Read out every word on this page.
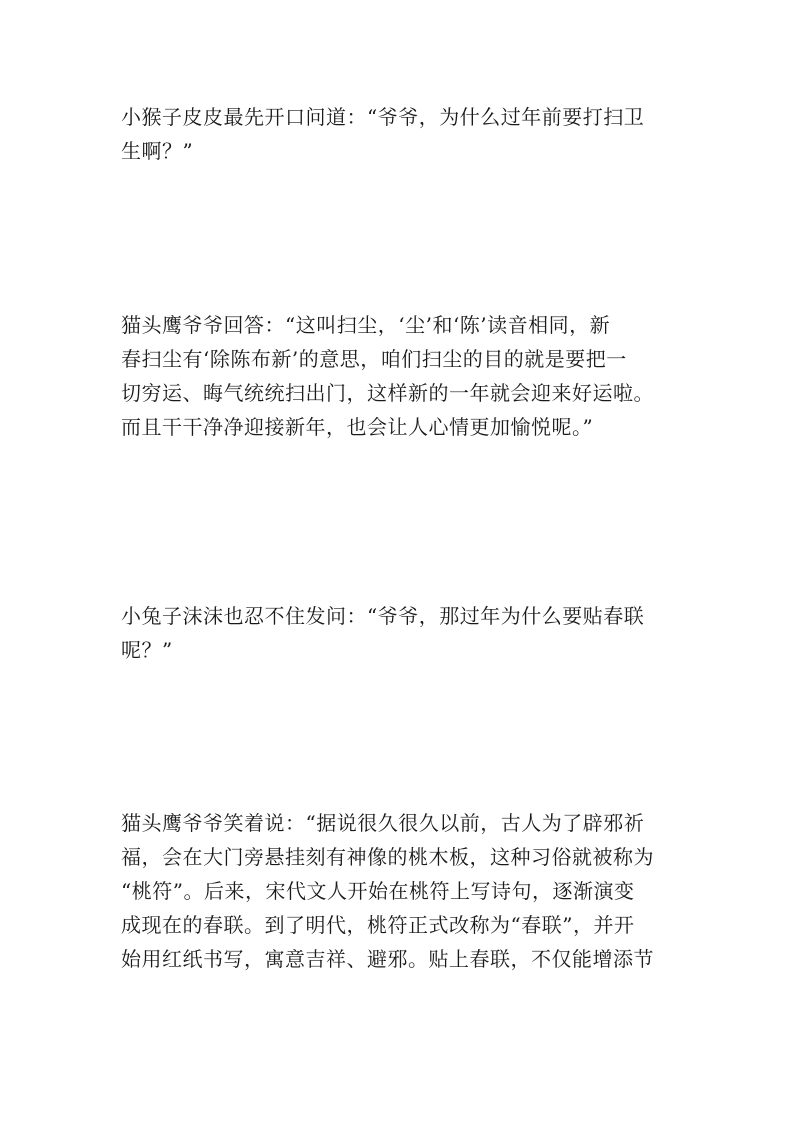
小猴子皮皮最先开口问道：“爷爷，为什么过年前要打扫卫
生啊？”

猫头鹰爷爷回答：“这叫扫尘，‘尘’和‘陈’读音相同，新
春扫尘有‘除陈布新’的意思，咱们扫尘的目的就是要把一
切穷运、晦气统统扫出门，这样新的一年就会迎来好运啦。
而且干干净净迎接新年，也会让人心情更加愉悦呢。”

小兔子沫沫也忍不住发问：“爷爷，那过年为什么要贴春联
呢？”

猫头鹰爷爷笑着说：“据说很久很久以前，古人为了辟邪祈
福，会在大门旁悬挂刻有神像的桃木板，这种习俗就被称为
“桃符”。后来，宋代文人开始在桃符上写诗句，逐渐演变
成现在的春联。到了明代，桃符正式改称为“春联”，并开
始用红纸书写，寓意吉祥、避邪。贴上春联，不仅能增添节
